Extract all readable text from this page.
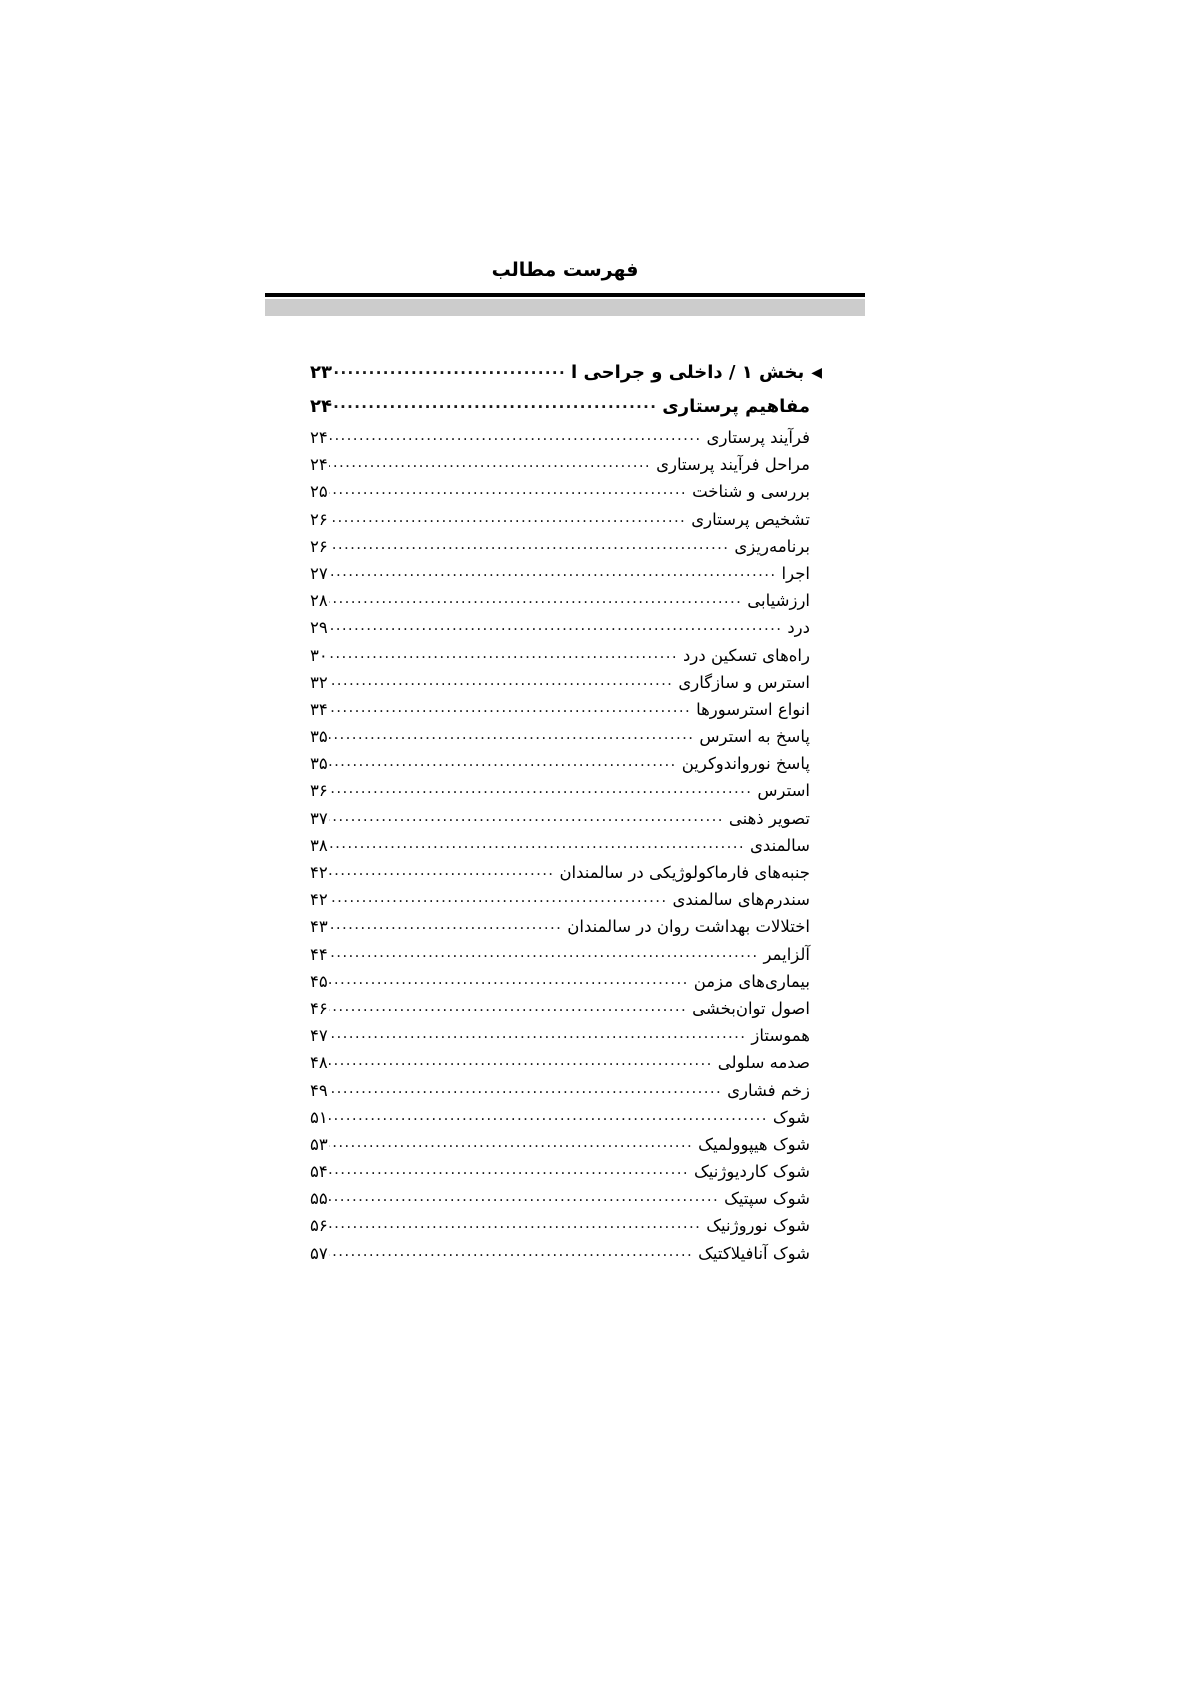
فهرست مطالب
◀
بخش ۱ / داخلی و جراحی ا
.....
۲۳
مفاهیم پرستاری
.....
۲۴
فرآیند پرستاری
.....
۲۴
مراحل فرآیند پرستاری
.....
۲۴
بررسی و شناخت
.....
۲۵
تشخیص پرستاری
.....
۲۶
برنامه‌ریزی
.....
۲۶
اجرا
.....
۲۷
ارزشیابی
.....
۲۸
درد
.....
۲۹
راه‌های تسکین درد
.....
۳۰
استرس و سازگاری
.....
۳۲
انواع استرسورها
.....
۳۴
پاسخ به استرس
.....
۳۵
پاسخ نورواندوکرین
.....
۳۵
استرس
.....
۳۶
تصویر ذهنی
.....
۳۷
سالمندی
.....
۳۸
جنبه‌های فارماکولوژیکی در سالمندان
.....
۴۲
سندرم‌های سالمندی
.....
۴۲
اختلالات بهداشت روان در سالمندان
.....
۴۳
آلزایمر
.....
۴۴
بیماری‌های مزمن
.....
۴۵
اصول توان‌بخشی
.....
۴۶
هموستاز
.....
۴۷
صدمه سلولی
.....
۴۸
زخم فشاری
.....
۴۹
شوک
.....
۵۱
شوک هیپوولمیک
.....
۵۳
شوک کاردیوژنیک
.....
۵۴
شوک سپتیک
.....
۵۵
شوک نوروژنیک
.....
۵۶
شوک آنافیلاکتیک
.....
۵۷
